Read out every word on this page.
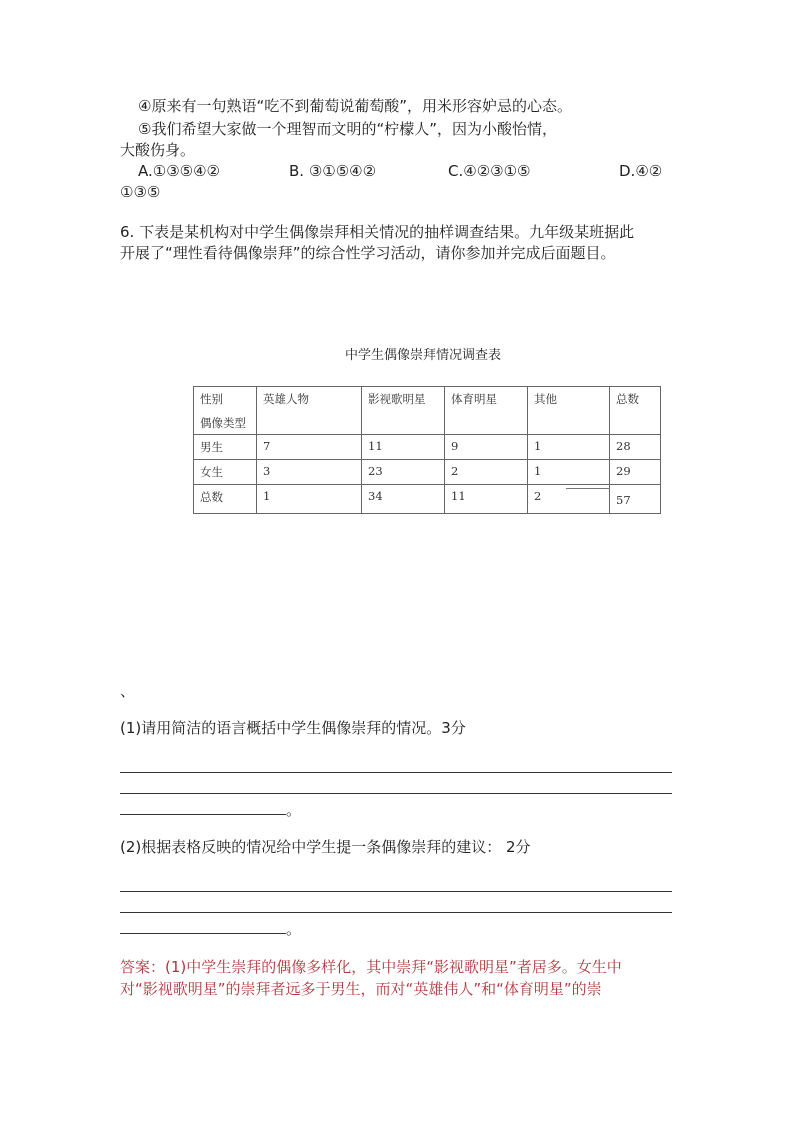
④原来有一句熟语“吃不到葡萄说葡萄酸”，用米形容妒忌的心态。
⑤我们希望大家做一个理智而文明的“柠檬人”，因为小酸怡情，
大酸伤身。
A.①③⑤④②	B. ③①⑤④②	C.④②③①⑤	D.④②
①③⑤
6. 下表是某机构对中学生偶像崇拜相关情况的抽样调查结果。九年级某班据此
开展了“理性看待偶像崇拜”的综合性学习活动，请你参加并完成后面题目。
中学生偶像崇拜情况调查表
性别
偶像类型	英雄人物	影视歌明星	体育明星	其他	总数
男生	7	11	9	1	28
女生	3	23	2	1	29
总数	1	34	11	2	57
、
(1)请用简洁的语言概括中学生偶像崇拜的情况。3分
。
(2)根据表格反映的情况给中学生提一条偶像崇拜的建议： 2分
。
答案：(1)中学生崇拜的偶像多样化，其中崇拜“影视歌明星”者居多。女生中
对“影视歌明星”的崇拜者远多于男生，而对“英雄伟人”和“体育明星”的崇
